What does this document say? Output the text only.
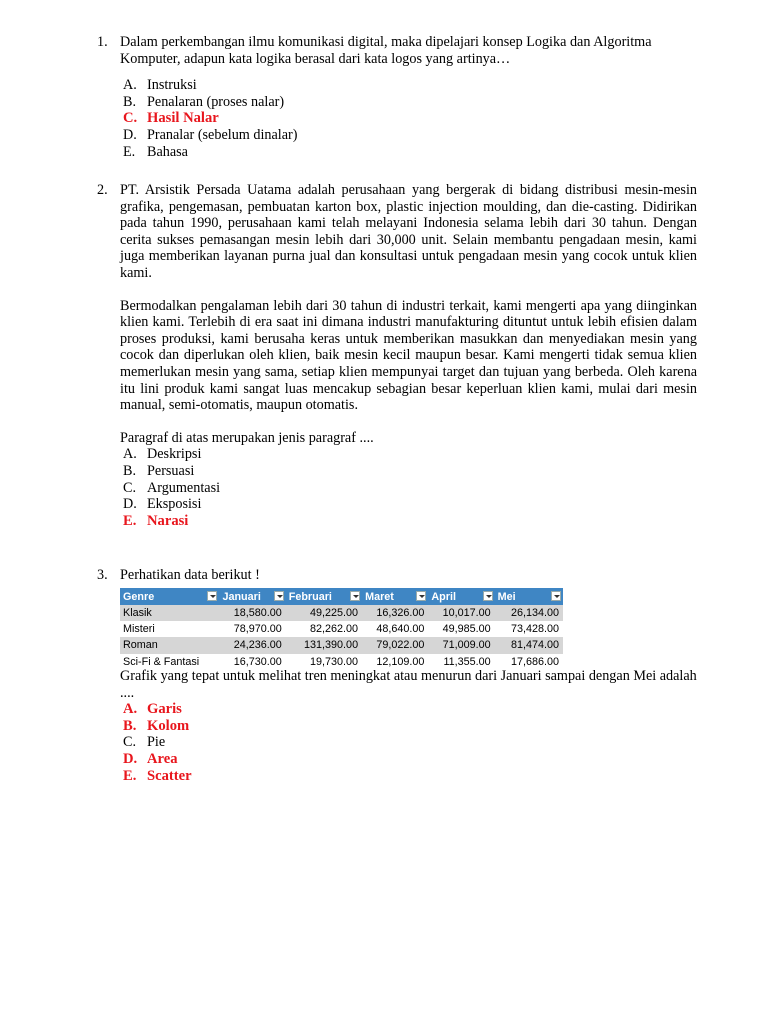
1. Dalam perkembangan ilmu komunikasi digital, maka dipelajari konsep Logika dan Algoritma
Komputer, adapun kata logika berasal dari kata logos yang artinya…
A. Instruksi
B. Penalaran (proses nalar)
C. Hasil Nalar
D. Pranalar (sebelum dinalar)
E. Bahasa
2. PT. Arsistik Persada Uatama adalah perusahaan yang bergerak di bidang distribusi mesin-mesin grafika, pengemasan, pembuatan karton box, plastic injection moulding, dan die-casting. Didirikan pada tahun 1990, perusahaan kami telah melayani Indonesia selama lebih dari 30 tahun. Dengan cerita sukses pemasangan mesin lebih dari 30,000 unit. Selain membantu pengadaan mesin, kami juga memberikan layanan purna jual dan konsultasi untuk pengadaan mesin yang cocok untuk klien kami.
Bermodalkan pengalaman lebih dari 30 tahun di industri terkait, kami mengerti apa yang diinginkan klien kami. Terlebih di era saat ini dimana industri manufakturing dituntut untuk lebih efisien dalam proses produksi, kami berusaha keras untuk memberikan masukkan dan menyediakan mesin yang cocok dan diperlukan oleh klien, baik mesin kecil maupun besar. Kami mengerti tidak semua klien memerlukan mesin yang sama, setiap klien mempunyai target dan tujuan yang berbeda. Oleh karena itu lini produk kami sangat luas mencakup sebagian besar keperluan klien kami, mulai dari mesin manual, semi-otomatis, maupun otomatis.
Paragraf di atas merupakan jenis paragraf ....
A. Deskripsi
B. Persuasi
C. Argumentasi
D. Eksposisi
E. Narasi
3. Perhatikan data berikut !
Genre	Januari	Februari	Maret	April	Mei

Klasik	18,580.00	49,225.00	16,326.00	10,017.00	26,134.00
Misteri	78,970.00	82,262.00	48,640.00	49,985.00	73,428.00
Roman	24,236.00	131,390.00	79,022.00	71,009.00	81,474.00
Sci-Fi & Fantasi	16,730.00	19,730.00	12,109.00	11,355.00	17,686.00
Grafik yang tepat untuk melihat tren meningkat atau menurun dari Januari sampai dengan Mei adalah ....
A. Garis
B. Kolom
C. Pie
D. Area
E. Scatter
